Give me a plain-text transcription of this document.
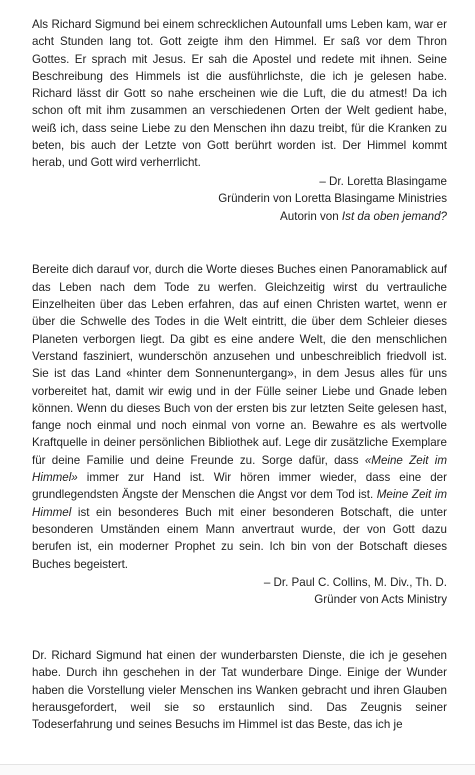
Als Richard Sigmund bei einem schrecklichen Autounfall ums Leben kam, war er acht Stunden lang tot. Gott zeigte ihm den Himmel. Er saß vor dem Thron Gottes. Er sprach mit Jesus. Er sah die Apostel und redete mit ihnen. Seine Beschreibung des Himmels ist die ausführlichste, die ich je gelesen habe. Richard lässt dir Gott so nahe erscheinen wie die Luft, die du atmest! Da ich schon oft mit ihm zusammen an verschiedenen Orten der Welt gedient habe, weiß ich, dass seine Liebe zu den Menschen ihn dazu treibt, für die Kranken zu beten, bis auch der Letzte von Gott berührt worden ist. Der Himmel kommt herab, und Gott wird verherrlicht.

– Dr. Loretta Blasingame
Gründerin von Loretta Blasingame Ministries
Autorin von Ist da oben jemand?

Bereite dich darauf vor, durch die Worte dieses Buches einen Panoramablick auf das Leben nach dem Tode zu werfen. Gleichzeitig wirst du vertrauliche Einzelheiten über das Leben erfahren, das auf einen Christen wartet, wenn er über die Schwelle des Todes in die Welt eintritt, die über dem Schleier dieses Planeten verborgen liegt. Da gibt es eine andere Welt, die den menschlichen Verstand fasziniert, wunderschön anzusehen und unbeschreiblich friedvoll ist. Sie ist das Land «hinter dem Sonnenuntergang», in dem Jesus alles für uns vorbereitet hat, damit wir ewig und in der Fülle seiner Liebe und Gnade leben können. Wenn du dieses Buch von der ersten bis zur letzten Seite gelesen hast, fange noch einmal und noch einmal von vorne an. Bewahre es als wertvolle Kraftquelle in deiner persönlichen Bibliothek auf. Lege dir zusätzliche Exemplare für deine Familie und deine Freunde zu. Sorge dafür, dass «Meine Zeit im Himmel» immer zur Hand ist. Wir hören immer wieder, dass eine der grundlegendsten Ängste der Menschen die Angst vor dem Tod ist. Meine Zeit im Himmel ist ein besonderes Buch mit einer besonderen Botschaft, die unter besonderen Umständen einem Mann anvertraut wurde, der von Gott dazu berufen ist, ein moderner Prophet zu sein. Ich bin von der Botschaft dieses Buches begeistert.

– Dr. Paul C. Collins, M. Div., Th. D.
Gründer von Acts Ministry

Dr. Richard Sigmund hat einen der wunderbarsten Dienste, die ich je gesehen habe. Durch ihn geschehen in der Tat wunderbare Dinge. Einige der Wunder haben die Vorstellung vieler Menschen ins Wanken gebracht und ihren Glauben herausgefordert, weil sie so erstaunlich sind. Das Zeugnis seiner Todeserfahrung und seines Besuchs im Himmel ist das Beste, das ich je
